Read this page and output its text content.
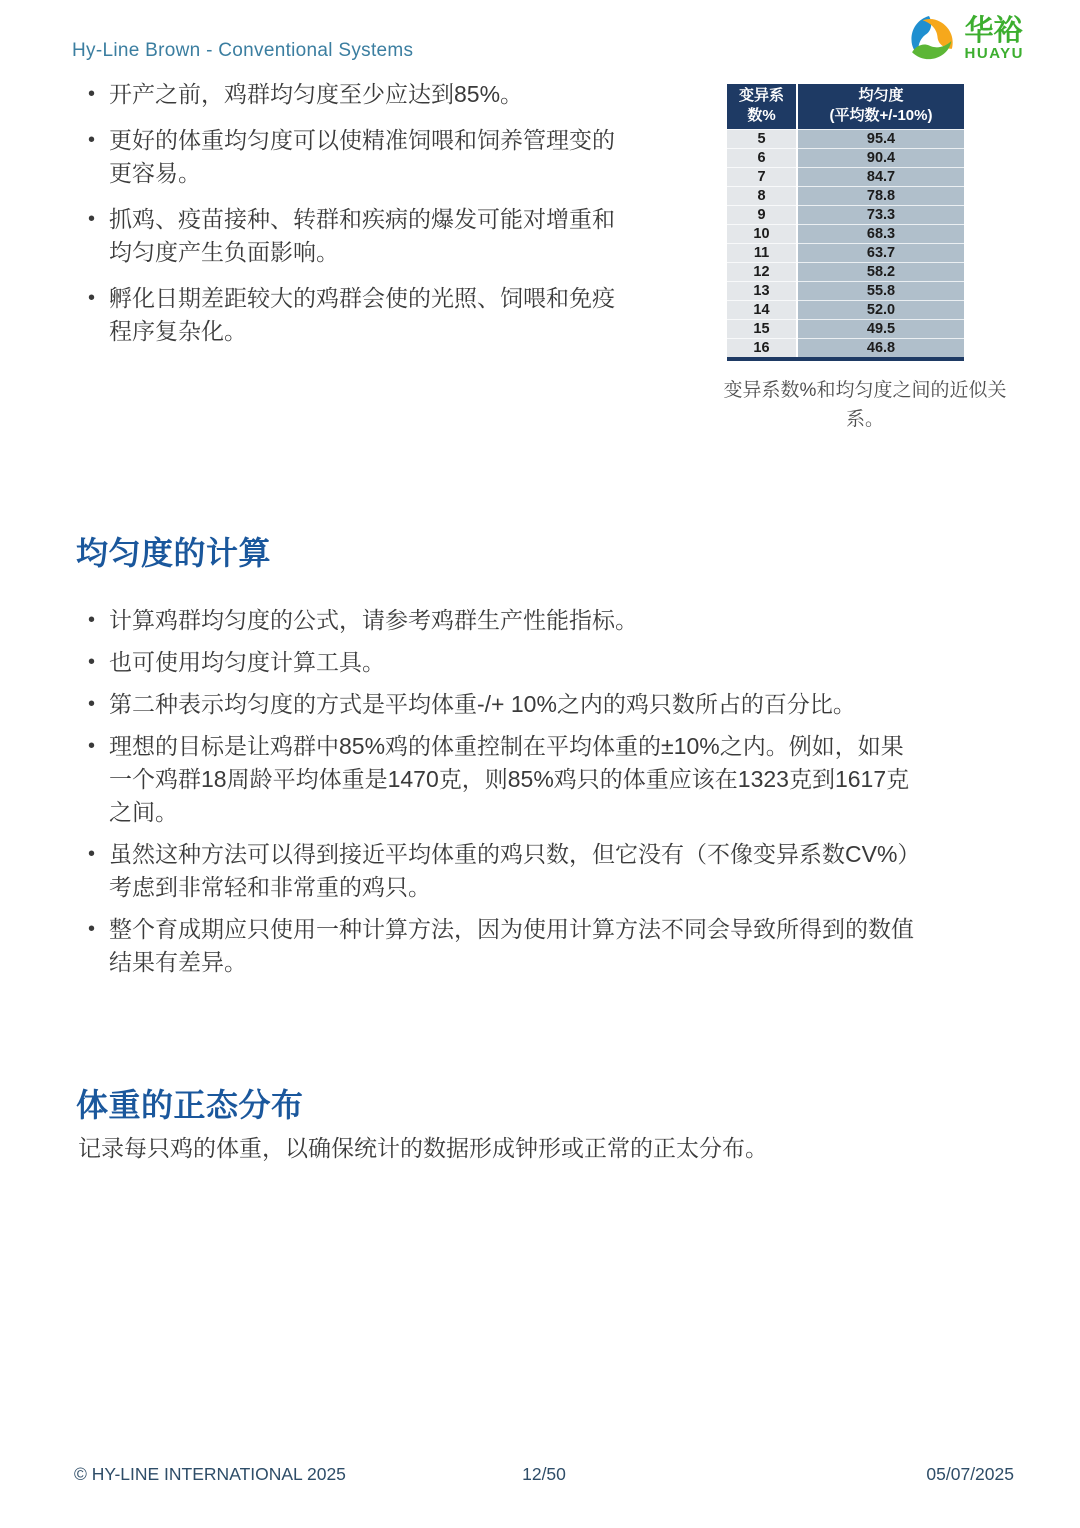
Hy-Line Brown - Conventional Systems
华裕
HUAYU
• 开产之前，鸡群均匀度至少应达到85%。
• 更好的体重均匀度可以使精准饲喂和饲养管理变的更容易。
• 抓鸡、疫苗接种、转群和疾病的爆发可能对增重和均匀度产生负面影响。
• 孵化日期差距较大的鸡群会使的光照、饲喂和免疫程序复杂化。
变异系
数%	均匀度
(平均数+/-10%)
5	95.4
6	90.4
7	84.7
8	78.8
9	73.3
10	68.3
11	63.7
12	58.2
13	55.8
14	52.0
15	49.5
16	46.8
变异系数%和均匀度之间的近似关系。
均匀度的计算
• 计算鸡群均匀度的公式，请参考鸡群生产性能指标。
• 也可使用均匀度计算工具。
• 第二种表示均匀度的方式是平均体重-/+ 10%之内的鸡只数所占的百分比。
• 理想的目标是让鸡群中85%鸡的体重控制在平均体重的±10%之内。例如，如果一个鸡群18周龄平均体重是1470克，则85%鸡只的体重应该在1323克到1617克之间。
• 虽然这种方法可以得到接近平均体重的鸡只数，但它没有（不像变异系数CV%）考虑到非常轻和非常重的鸡只。
• 整个育成期应只使用一种计算方法，因为使用计算方法不同会导致所得到的数值结果有差异。
体重的正态分布

记录每只鸡的体重，以确保统计的数据形成钟形或正常的正太分布。

© HY-LINE INTERNATIONAL 2025	12/50	05/07/2025
